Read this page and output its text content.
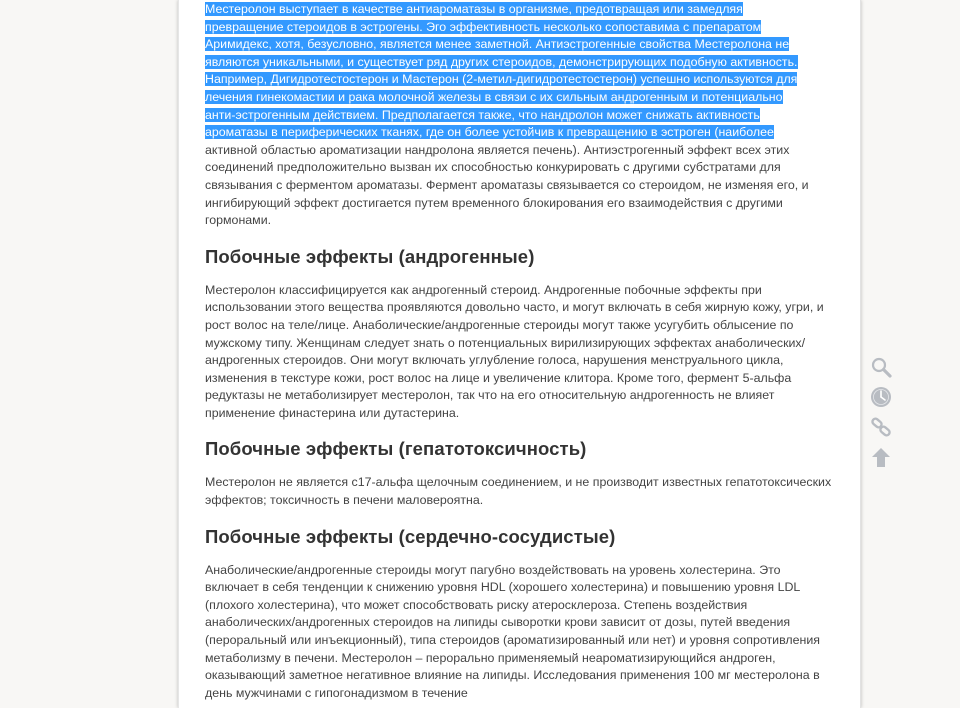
Местеролон выступает в качестве антиароматазы в организме, предотвращая или замедляя
превращение стероидов в эстрогены. Эго эффективность несколько сопоставима с препаратом
Аримидекс, хотя, безусловно, является менее заметной. Антиэстрогенные свойства Местеролона не
являются уникальными, и существует ряд других стероидов, демонстрирующих подобную активность.
Например, Дигидротестостерон и Мастерон (2-метил-дигидротестостерон) успешно используются для
лечения гинекомастии и рака молочной железы в связи с их сильным андрогенным и потенциально
анти-эстрогенным действием. Предполагается также, что нандролон может снижать активность
ароматазы в периферических тканях, где он более устойчив к превращению в эстроген (наиболее
активной областью ароматизации нандролона является печень). Антиэстрогенный эффект всех этих соединений предположительно вызван их способностью конкурировать с другими субстратами для связывания с ферментом ароматазы. Фермент ароматазы связывается со стероидом, не изменяя его, и ингибирующий эффект достигается путем временного блокирования его взаимодействия с другими гормонами.

Побочные эффекты (андрогенные)

Местеролон классифицируется как андрогенный стероид. Андрогенные побочные эффекты при использовании этого вещества проявляются довольно часто, и могут включать в себя жирную кожу, угри, и рост волос на теле/лице. Анаболические/андрогенные стероиды могут также усугубить облысение по мужскому типу. Женщинам следует знать о потенциальных вирилизирующих эффектах анаболических/андрогенных стероидов. Они могут включать углубление голоса, нарушения менструального цикла, изменения в текстуре кожи, рост волос на лице и увеличение клитора. Кроме того, фермент 5-альфа редуктазы не метаболизирует местеролон, так что на его относительную андрогенность не влияет применение финастерина или дутастерина.

Побочные эффекты (гепатотоксичность)

Местеролон не является с17-альфа щелочным соединением, и не производит известных гепатотоксических эффектов; токсичность в печени маловероятна.

Побочные эффекты (сердечно-сосудистые)

Анаболические/андрогенные стероиды могут пагубно воздействовать на уровень холестерина. Это включает в себя тенденции к снижению уровня HDL (хорошего холестерина) и повышению уровня LDL (плохого холестерина), что может способствовать риску атеросклероза. Степень воздействия анаболических/андрогенных стероидов на липиды сыворотки крови зависит от дозы, путей введения (пероральный или инъекционный), типа стероидов (ароматизированный или нет) и уровня сопротивления метаболизму в печени. Местеролон – перорально применяемый неароматизирующийся андроген, оказывающий заметное негативное влияние на липиды. Исследования применения 100 мг местеролона в день мужчинами с гипогонадизмом в течение
